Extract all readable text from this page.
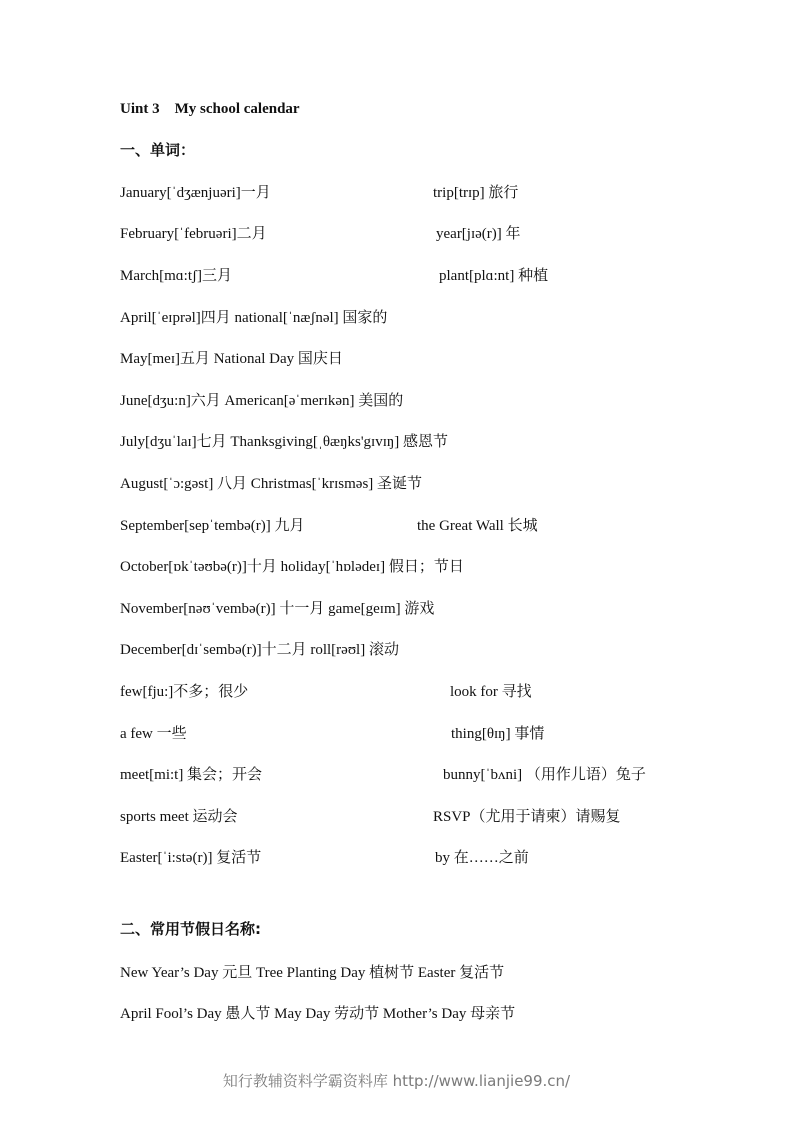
Uint 3    My school calendar
一、单词：
January[ˈdʒænjuəri]一月	trip[trɪp] 旅行
February[ˈfebruəri]二月	year[jɪə(r)] 年
March[mɑ:tʃ]三月	plant[plɑ:nt] 种植
April[ˈeɪprəl]四月 national[ˈnæʃnəl] 国家的
May[meɪ]五月 National Day 国庆日
June[dʒu:n]六月 American[əˈmerɪkən] 美国的
July[dʒuˈlaɪ]七月 Thanksgiving[ˌθæŋks'gɪvɪŋ] 感恩节
August[ˈɔ:gəst] 八月 Christmas[ˈkrɪsməs] 圣诞节
September[sepˈtembə(r)] 九月	the Great Wall 长城
October[ɒkˈtəʊbə(r)]十月 holiday[ˈhɒlədeɪ] 假日；节日
November[nəʊˈvembə(r)] 十一月 game[geɪm] 游戏
December[dɪˈsembə(r)]十二月 roll[rəʊl] 滚动
few[fju:]不多；很少	look for 寻找
a few 一些	thing[θɪŋ] 事情
meet[mi:t] 集会；开会	bunny[ˈbʌni] （用作儿语）兔子
sports meet 运动会	RSVP（尤用于请柬）请赐复
Easter[ˈi:stə(r)] 复活节	by 在……之前
二、常用节假日名称:
New Year’s Day 元旦 Tree Planting Day 植树节 Easter 复活节
April Fool’s Day 愚人节 May Day 劳动节 Mother’s Day 母亲节
知行教辅资料学霸资料库 http://www.lianjie99.cn/
